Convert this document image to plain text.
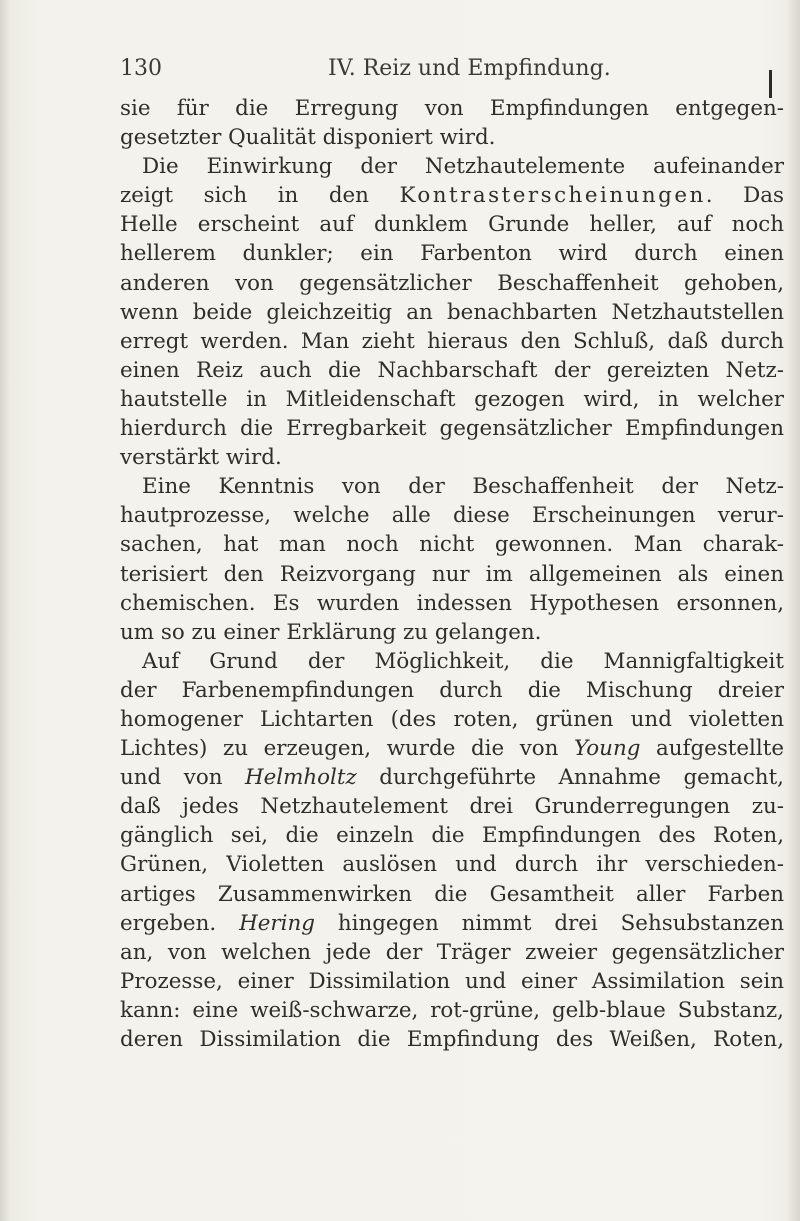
130	IV. Reiz und Empfindung.
sie für die Erregung von Empfindungen entgegen-
gesetzter Qualität disponiert wird.
Die Einwirkung der Netzhautelemente aufeinander
zeigt sich in den Kontrasterscheinungen. Das
Helle erscheint auf dunklem Grunde heller, auf noch
hellerem dunkler; ein Farbenton wird durch einen
anderen von gegensätzlicher Beschaffenheit gehoben,
wenn beide gleichzeitig an benachbarten Netzhautstellen
erregt werden. Man zieht hieraus den Schluß, daß durch
einen Reiz auch die Nachbarschaft der gereizten Netz-
hautstelle in Mitleidenschaft gezogen wird, in welcher
hierdurch die Erregbarkeit gegensätzlicher Empfindungen
verstärkt wird.
Eine Kenntnis von der Beschaffenheit der Netz-
hautprozesse, welche alle diese Erscheinungen verur-
sachen, hat man noch nicht gewonnen. Man charak-
terisiert den Reizvorgang nur im allgemeinen als einen
chemischen. Es wurden indessen Hypothesen ersonnen,
um so zu einer Erklärung zu gelangen.
Auf Grund der Möglichkeit, die Mannigfaltigkeit
der Farbenempfindungen durch die Mischung dreier
homogener Lichtarten (des roten, grünen und violetten
Lichtes) zu erzeugen, wurde die von Young aufgestellte
und von Helmholtz durchgeführte Annahme gemacht,
daß jedes Netzhautelement drei Grunderregungen zu-
gänglich sei, die einzeln die Empfindungen des Roten,
Grünen, Violetten auslösen und durch ihr verschieden-
artiges Zusammenwirken die Gesamtheit aller Farben
ergeben. Hering hingegen nimmt drei Sehsubstanzen
an, von welchen jede der Träger zweier gegensätzlicher
Prozesse, einer Dissimilation und einer Assimilation sein
kann: eine weiß-schwarze, rot-grüne, gelb-blaue Substanz,
deren Dissimilation die Empfindung des Weißen, Roten,
